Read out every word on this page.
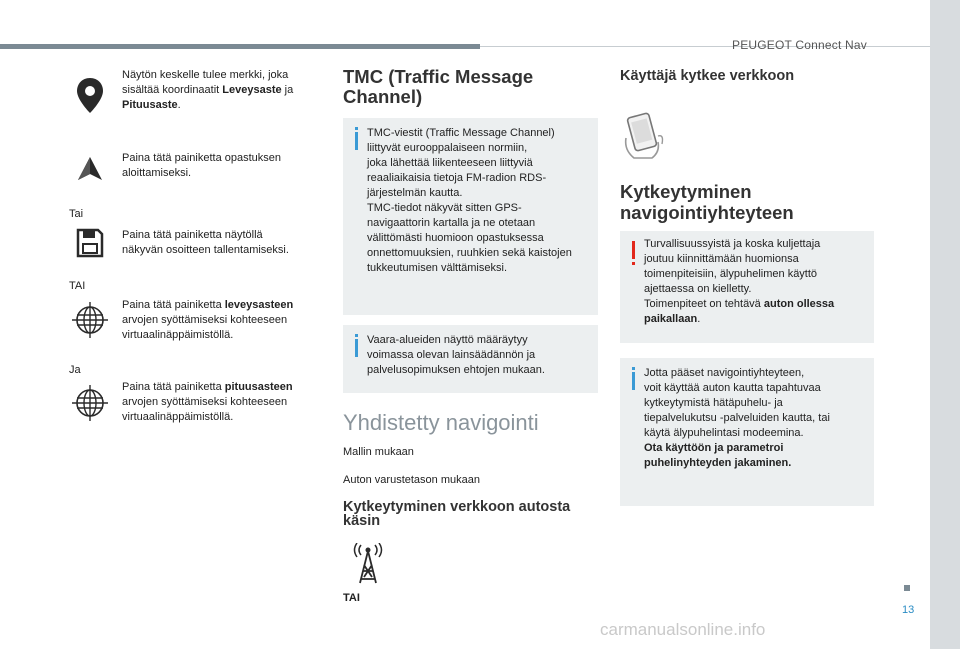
PEUGEOT Connect Nav

Näytön keskelle tulee merkki, joka

sisältää koordinaatit Leveysaste ja

Pituusaste.

Paina tätä painiketta opastuksen

aloittamiseksi.

Tai

Paina tätä painiketta näytöllä

näkyvän osoitteen tallentamiseksi.

TAI

Paina tätä painiketta leveysasteen

arvojen syöttämiseksi kohteeseen

virtuaalinäppäimistöllä.

Ja

Paina tätä painiketta pituusasteen

arvojen syöttämiseksi kohteeseen

virtuaalinäppäimistöllä.

TMC (Traffic Message
Channel)

TMC-viestit (Traffic Message Channel)

liittyvät eurooppalaiseen normiin,

joka lähettää liikenteeseen liittyviä

reaaliaikaisia tietoja FM-radion RDS-

järjestelmän kautta.

TMC-tiedot näkyvät sitten GPS-

navigaattorin kartalla ja ne otetaan

välittömästi huomioon opastuksessa

onnettomuuksien, ruuhkien sekä kaistojen

tukkeutumisen välttämiseksi.

Vaara-alueiden näyttö määräytyy

voimassa olevan lainsäädännön ja

palvelusopimuksen ehtojen mukaan.

Yhdistetty navigointi
Mallin mukaan
Auton varustetason mukaan
Kytkeytyminen verkkoon autosta
käsin
TAI
Käyttäjä kytkee verkkoon
Kytkeytyminen
navigointiyhteyteen

Turvallisuussyistä ja koska kuljettaja

joutuu kiinnittämään huomionsa

toimenpiteisiin, älypuhelimen käyttö

ajettaessa on kielletty.

Toimenpiteet on tehtävä auton ollessa

paikallaan.

Jotta pääset navigointiyhteyteen,

voit käyttää auton kautta tapahtuvaa

kytkeytymistä hätäpuhelu- ja

tiepalvelukutsu -palveluiden kautta, tai

käytä älypuhelintasi modeemina.

Ota käyttöön ja parametroi

puhelinyhteyden jakaminen.

13
carmanualsonline.info
